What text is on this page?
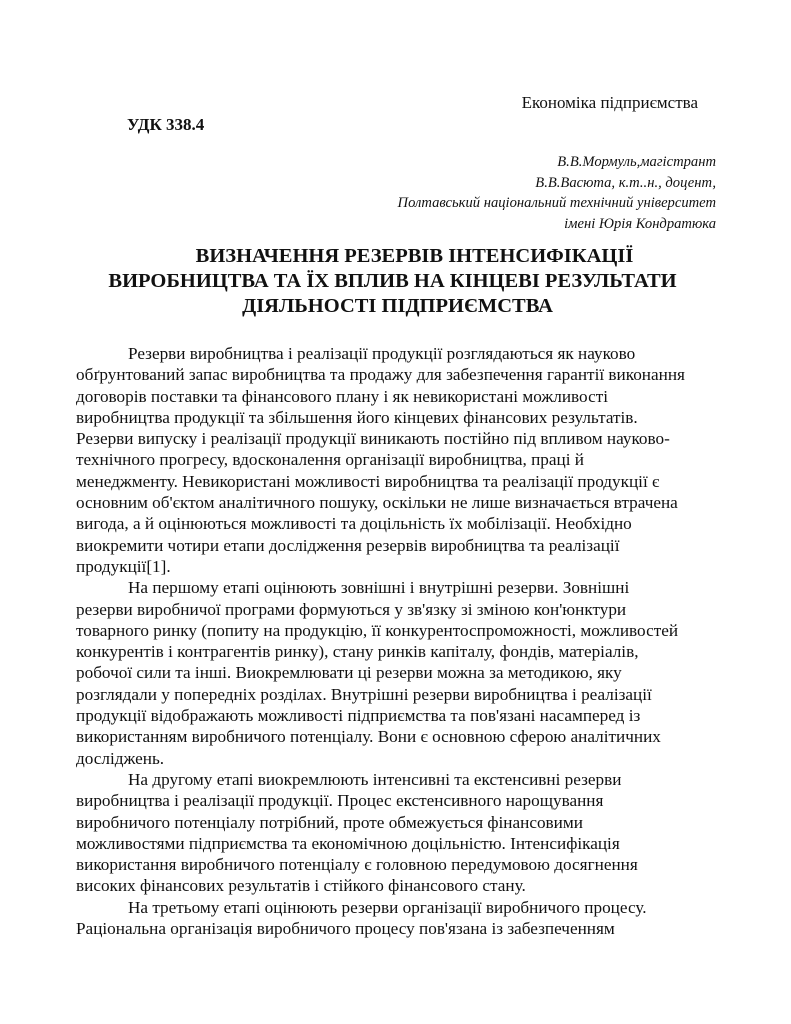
Економіка підприємства
УДК 338.4
В.В.Мормуль,магістрант
В.В.Васюта, к.т..н., доцент,
Полтавський національний технічний університет
імені Юрія Кондратюка
ВИЗНАЧЕННЯ РЕЗЕРВІВ ІНТЕНСИФІКАЦІЇ
ВИРОБНИЦТВА ТА ЇХ ВПЛИВ НА КІНЦЕВІ РЕЗУЛЬТАТИ
ДІЯЛЬНОСТІ ПІДПРИЄМСТВА
Резерви виробництва і реалізації продукції розглядаються як науково
обґрунтований запас виробництва та продажу для забезпечення гарантії виконання
договорів поставки та фінансового плану і як невикористані можливості
виробництва продукції та збільшення його кінцевих фінансових результатів.
Резерви випуску і реалізації продукції виникають постійно під впливом науково-
технічного прогресу, вдосконалення організації виробництва, праці й
менеджменту. Невикористані можливості виробництва та реалізації продукції є
основним об'єктом аналітичного пошуку, оскільки не лише визначається втрачена
вигода, а й оцінюються можливості та доцільність їх мобілізації. Необхідно
виокремити чотири етапи дослідження резервів виробництва та реалізації
продукції[1].
На першому етапі оцінюють зовнішні і внутрішні резерви. Зовнішні
резерви виробничої програми формуються у зв'язку зі зміною кон'юнктури
товарного ринку (попиту на продукцію, її конкурентоспроможності, можливостей
конкурентів і контрагентів ринку), стану ринків капіталу, фондів, матеріалів,
робочої сили та інші. Виокремлювати ці резерви можна за методикою, яку
розглядали у попередніх розділах. Внутрішні резерви виробництва і реалізації
продукції відображають можливості підприємства та пов'язані насамперед із
використанням виробничого потенціалу. Вони є основною сферою аналітичних
досліджень.
На другому етапі виокремлюють інтенсивні та екстенсивні резерви
виробництва і реалізації продукції. Процес екстенсивного нарощування
виробничого потенціалу потрібний, проте обмежується фінансовими
можливостями підприємства та економічною доцільністю. Інтенсифікація
використання виробничого потенціалу є головною передумовою досягнення
високих фінансових результатів і стійкого фінансового стану.
На третьому етапі оцінюють резерви організації виробничого процесу.
Раціональна організація виробничого процесу пов'язана із забезпеченням
